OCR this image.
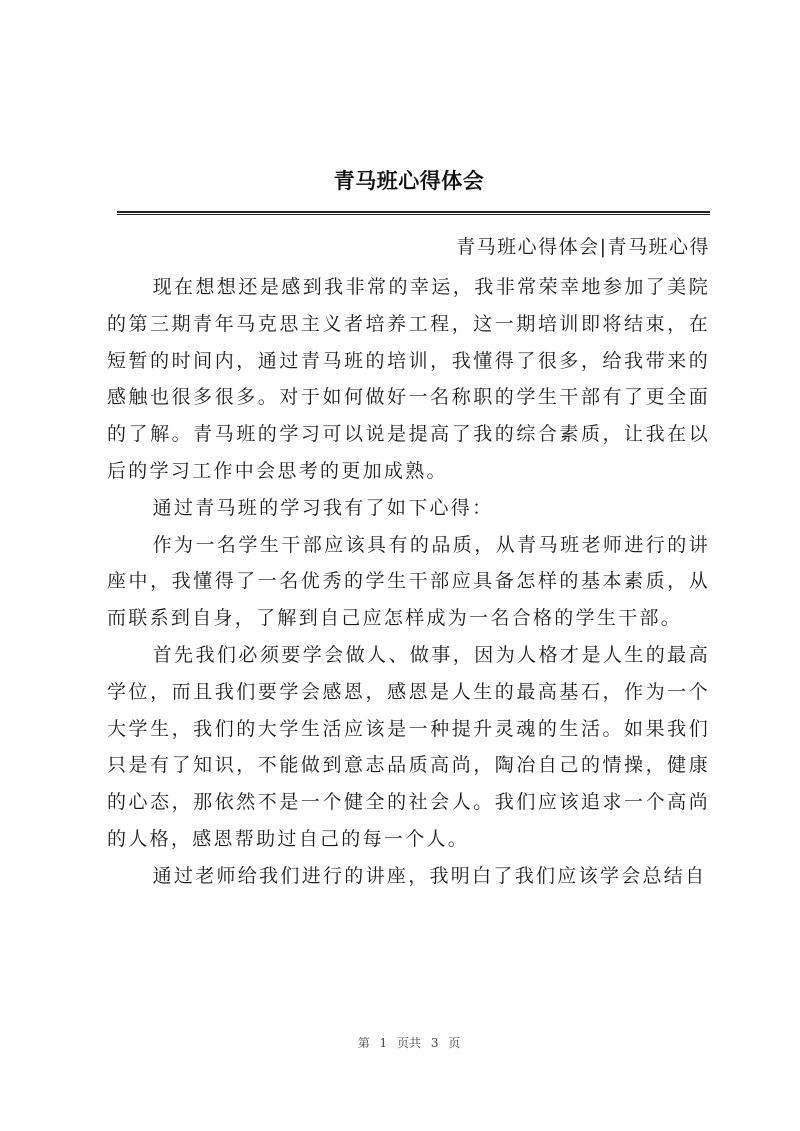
青马班心得体会
青马班心得体会|青马班心得

现在想想还是感到我非常的幸运，我非常荣幸地参加了美院的第三期青年马克思主义者培养工程，这一期培训即将结束，在短暂的时间内，通过青马班的培训，我懂得了很多，给我带来的感触也很多很多。对于如何做好一名称职的学生干部有了更全面的了解。青马班的学习可以说是提高了我的综合素质，让我在以后的学习工作中会思考的更加成熟。

通过青马班的学习我有了如下心得：

作为一名学生干部应该具有的品质，从青马班老师进行的讲座中，我懂得了一名优秀的学生干部应具备怎样的基本素质，从而联系到自身，了解到自己应怎样成为一名合格的学生干部。

首先我们必须要学会做人、做事，因为人格才是人生的最高学位，而且我们要学会感恩，感恩是人生的最高基石，作为一个大学生，我们的大学生活应该是一种提升灵魂的生活。如果我们只是有了知识，不能做到意志品质高尚，陶冶自己的情操，健康的心态，那依然不是一个健全的社会人。我们应该追求一个高尚的人格，感恩帮助过自己的每一个人。

通过老师给我们进行的讲座，我明白了我们应该学会总结自

第 1 页共 3 页
